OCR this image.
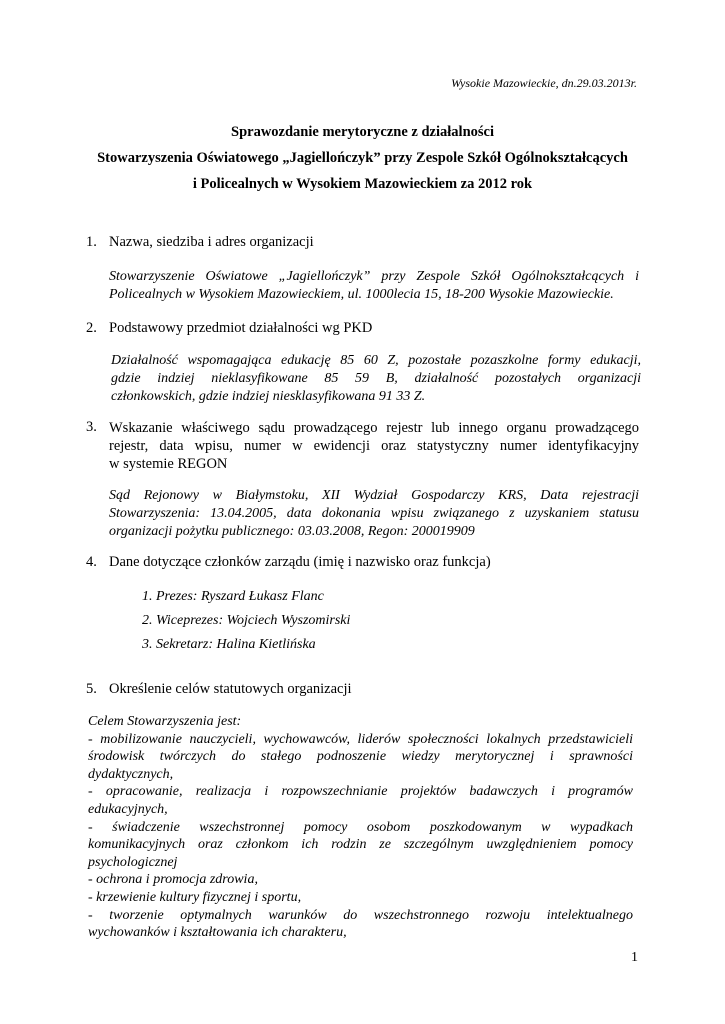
Wysokie Mazowieckie, dn.29.03.2013r.
Sprawozdanie merytoryczne z działalności
Stowarzyszenia Oświatowego „Jagiellończyk” przy Zespole Szkół Ogólnokształcących
i Policealnych w Wysokiem Mazowieckiem za 2012 rok
1. Nazwa, siedziba i adres organizacji
Stowarzyszenie Oświatowe „Jagiellończyk” przy Zespole Szkół Ogólnokształcących i
Policealnych w Wysokiem Mazowieckiem, ul. 1000lecia 15, 18-200 Wysokie Mazowieckie.
2. Podstawowy przedmiot działalności wg PKD
Działalność wspomagająca edukację 85 60 Z, pozostałe pozaszkolne formy edukacji,
gdzie indziej nieklasyfikowane 85 59 B, działalność pozostałych organizacji
członkowskich, gdzie indziej niesklasyfikowana 91 33 Z.
3. Wskazanie właściwego sądu prowadzącego rejestr lub innego organu prowadzącego
rejestr, data wpisu, numer w ewidencji oraz statystyczny numer identyfikacyjny
w systemie REGON
Sąd Rejonowy w Białymstoku, XII Wydział Gospodarczy KRS, Data rejestracji
Stowarzyszenia: 13.04.2005, data dokonania wpisu związanego z uzyskaniem statusu
organizacji pożytku publicznego: 03.03.2008, Regon: 200019909
4. Dane dotyczące członków zarządu (imię i nazwisko oraz funkcja)
1. Prezes: Ryszard Łukasz Flanc
2. Wiceprezes: Wojciech Wyszomirski
3. Sekretarz: Halina Kietlińska
5. Określenie celów statutowych organizacji
Celem Stowarzyszenia jest:
- mobilizowanie nauczycieli, wychowawców, liderów społeczności lokalnych przedstawicieli
środowisk twórczych do stałego podnoszenie wiedzy merytorycznej i sprawności
dydaktycznych,
- opracowanie, realizacja i rozpowszechnianie projektów badawczych i programów
edukacyjnych,
- świadczenie wszechstronnej pomocy osobom poszkodowanym w wypadkach
komunikacyjnych oraz członkom ich rodzin ze szczególnym uwzględnieniem pomocy
psychologicznej
- ochrona i promocja zdrowia,
- krzewienie kultury fizycznej i sportu,
- tworzenie optymalnych warunków do wszechstronnego rozwoju intelektualnego
wychowanków i kształtowania ich charakteru,
1
